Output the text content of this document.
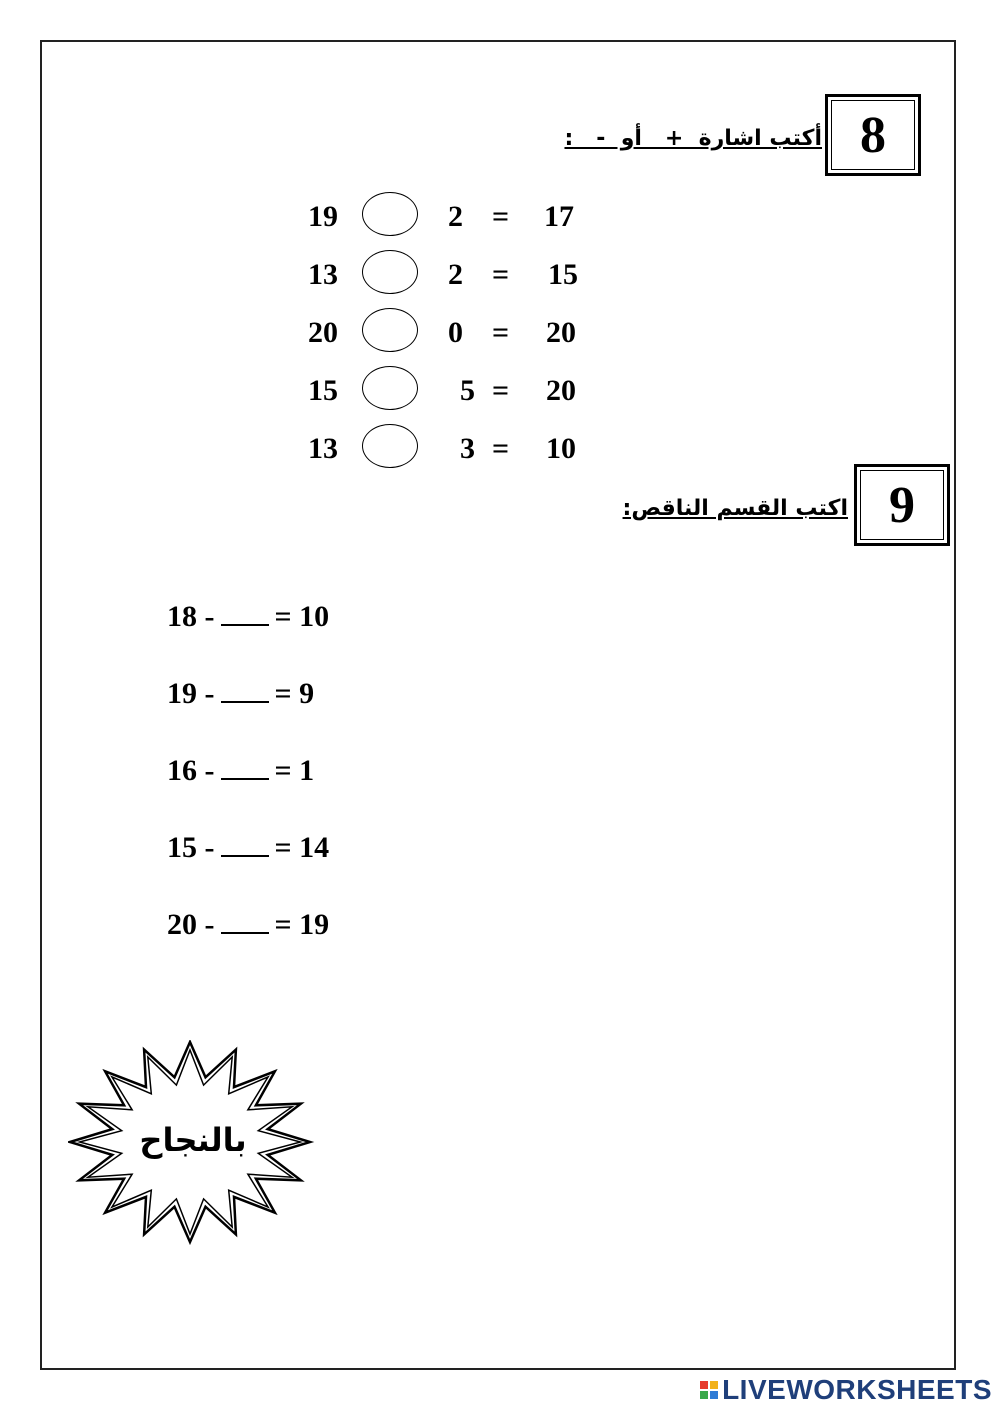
8
أكتب اشارة  +   أو  -   :
19	2 = 17
13	2 = 15
20	0 = 20
15	5 = 20
13	3 = 10
9
اكتب القسم الناقص:

18 - = 10

19 - = 9

16 - = 1

15 - = 14

20 - = 19

بالنجاح
LIVEWORKSHEETS
